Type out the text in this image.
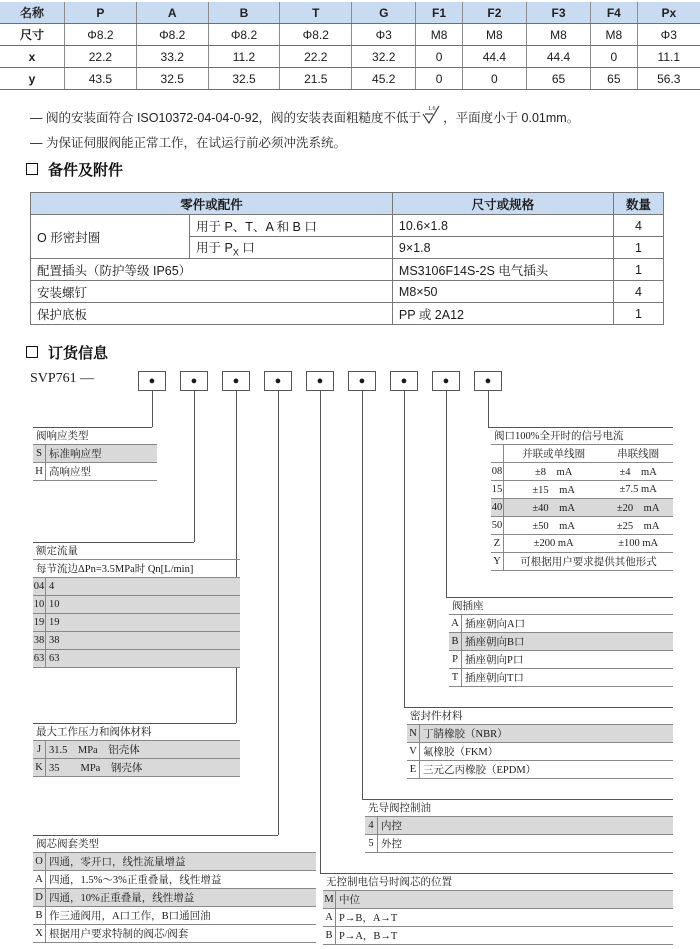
名称	P	A	B	T	G	F1	F2	F3	F4	Px
尺寸	Φ8.2	Φ8.2	Φ8.2	Φ8.2	Φ3	M8	M8	M8	M8	Φ3
x	22.2	33.2	11.2	22.2	32.2	0	44.4	44.4	0	11.1
y	43.5	32.5	32.5	21.5	45.2	0	0	65	65	56.3
— 阀的安装面符合 ISO10372-04-04-0-92，阀的安装表面粗糙度不低于
1.6
，平面度小于 0.01mm。
— 为保证伺服阀能正常工作，在试运行前必须冲洗系统。
备件及附件
零件或配件		尺寸或规格	数量
O 形密封圈	用于 P、T、A 和 B 口	10.6×1.8	4
	用于 $P_X$ 口	9×1.8	1
配置插头（防护等级 IP65）		MS3106F14S-2S 电气插头	1
安装螺钉		M8×50	4
保护底板		PP 或 2A12	1
订货信息
SVP761 —	●	●	●	●	●	●	●	●	●
阀响应类型	
S	标准响应型
H	高响应型
额定流量	
每节流边ΔPn=3.5MPa时 Qn[L/min]	
04	4
10	10
19	19
38	38
63	63
最大工作压力和阀体材料	
J	31.5　MPa　铝壳体
K	35　　MPa　钢壳体
阀芯阀套类型	
O	四通，零开口，线性流量增益
A	四通，1.5%～3%正重叠量，线性增益
D	四通，10%正重叠量，线性增益
B	作三通阀用，A口工作，B口通回油
X	根据用户要求特制的阀芯/阀套
阀口100%全开时的信号电流		
	并联或单线圈	串联线圈
08	±8　mA	±4　mA
15	±15　mA	±7.5 mA
40	±40　mA	±20　mA
50	±50　mA	±25　mA
Z	±200 mA	±100 mA
Y	可根据用户要求提供其他形式	
阀插座	
A	插座朝向A口
B	插座朝向B口
P	插座朝向P口
T	插座朝向T口
密封件材料	
N	丁腈橡胶（NBR）
V	氟橡胶（FKM）
E	三元乙丙橡胶（EPDM）
先导阀控制油	
4	内控
5	外控
无控制电信号时阀芯的位置	
M	中位
A	P→B，A→T
B	P→A，B→T
